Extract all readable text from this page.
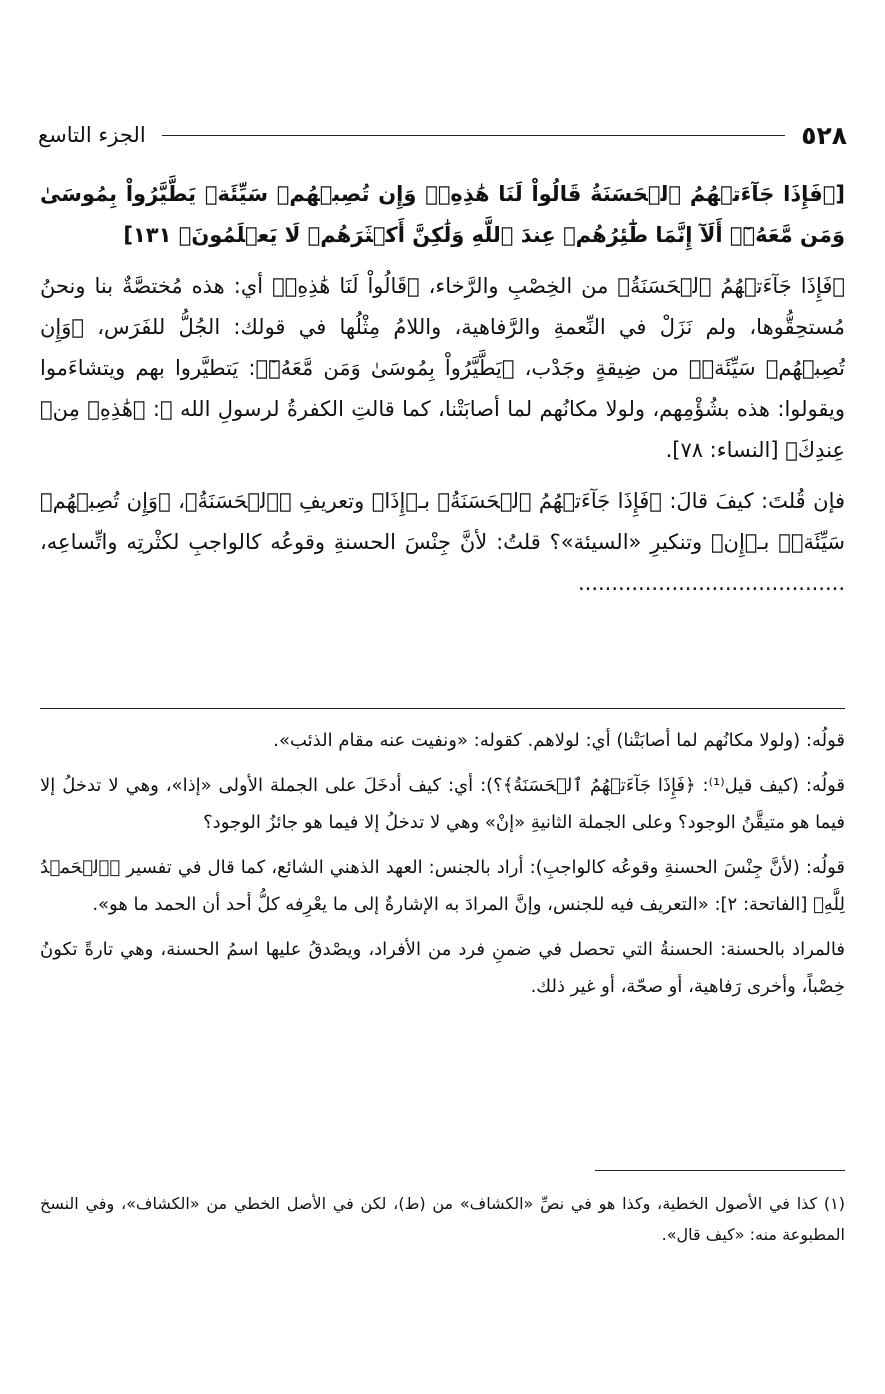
٥٢٨
الجزء التاسع

[﴿فَإِذَا جَآءَتۡهُمُ ٱلۡحَسَنَةُ قَالُواْ لَنَا هَٰذِهِۦۖ وَإِن تُصِبۡهُمۡ سَيِّئَةٞ يَطَّيَّرُواْ بِمُوسَىٰ وَمَن مَّعَهُۥٓۗ أَلَآ إِنَّمَا طَٰٓئِرُهُمۡ عِندَ ٱللَّهِ وَلَٰكِنَّ أَكۡثَرَهُمۡ لَا يَعۡلَمُونَ﴾ ١٣١]

﴿فَإِذَا جَآءَتۡهُمُ ٱلۡحَسَنَةُ﴾ من الخِصْبِ والرَّخاء، ﴿قَالُواْ لَنَا هَٰذِهِۦ﴾ أي: هذه مُختصَّةٌ بنا ونحنُ مُستحِقُّوها، ولم نَزَلْ في النِّعمةِ والرَّفاهية، واللامُ مِثْلُها في قولك: الجُلُّ للفَرَس، ﴿وَإِن تُصِبۡهُمۡ سَيِّئَةٞ﴾ من ضِيقةٍ وجَدْب، ﴿يَطَّيَّرُواْ بِمُوسَىٰ وَمَن مَّعَهُۥٓ﴾: يَتطيَّروا بهم ويتشاءَموا ويقولوا: هذه بشُؤْمِهم، ولولا مكانُهم لما أصابَتْنا، كما قالتِ الكفرةُ لرسولِ الله ﷺ: ﴿هَٰذِهِۦ مِنۡ عِندِكَ﴾ [النساء: ٧٨].

فإن قُلتَ: كيفَ قالَ: ﴿فَإِذَا جَآءَتۡهُمُ ٱلۡحَسَنَةُ﴾ بـ﴿إِذَا﴾ وتعريفِ ﴿ٱلۡحَسَنَةُ﴾، ﴿وَإِن تُصِبۡهُمۡ سَيِّئَةٞ﴾ بـ﴿إِن﴾ وتنكيرِ «السيئة»؟ قلتُ: لأنَّ جِنْسَ الحسنةِ وقوعُه كالواجبِ لكثْرتِه واتِّساعِه، ........................................

قولُه: (ولولا مكانُهم لما أصابَتْنا) أي: لولاهم. كقوله: «ونفيت عنه مقام الذئب».

قولُه: (كيف قيل⁽¹⁾: ﴿فَإِذَا جَآءَتۡهُمُ ٱلۡحَسَنَةُ﴾؟): أي: كيف أدخَلَ على الجملة الأولى «إذا»، وهي لا تدخلُ إلا فيما هو متيقَّنُ الوجود؟ وعلى الجملة الثانيةِ «إنْ» وهي لا تدخلُ إلا فيما هو جائزُ الوجود؟

قولُه: (لأنَّ جِنْسَ الحسنةِ وقوعُه كالواجبِ): أراد بالجنس: العهد الذهني الشائع، كما قال في تفسير ﴿ٱلۡحَمۡدُ لِلَّهِ﴾ [الفاتحة: ٢]: «التعريف فيه للجنس، وإنَّ المرادَ به الإشارةُ إلى ما يعْرِفه كلُّ أحد أن الحمد ما هو».

فالمراد بالحسنة: الحسنةُ التي تحصل في ضمنِ فرد من الأفراد، ويصْدقُ عليها اسمُ الحسنة، وهي تارةً تكونُ خِصْباً، وأخرى رَفاهية، أو صحّة، أو غير ذلك.

(١) كذا في الأصول الخطية، وكذا هو في نصِّ «الكشاف» من (ط)، لكن في الأصل الخطي من «الكشاف»، وفي النسخ المطبوعة منه: «كيف قال».
